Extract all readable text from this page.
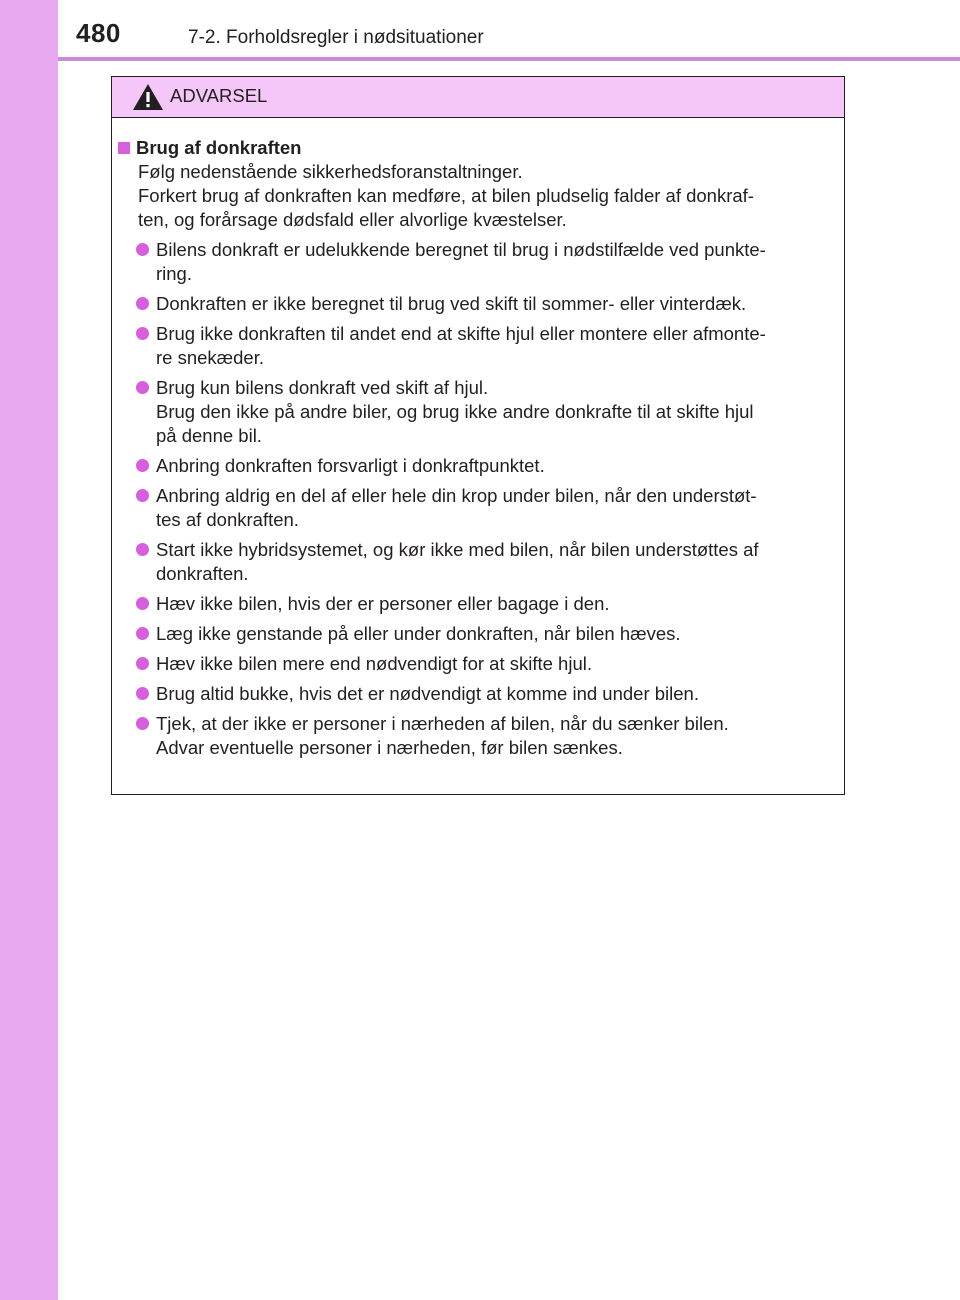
480	7-2. Forholdsregler i nødsituationer
ADVARSEL
Brug af donkraften
Følg nedenstående sikkerhedsforanstaltninger.
Forkert brug af donkraften kan medføre, at bilen pludselig falder af donkraf-
ten, og forårsage dødsfald eller alvorlige kvæstelser.
Bilens donkraft er udelukkende beregnet til brug i nødstilfælde ved punkte-
ring.
Donkraften er ikke beregnet til brug ved skift til sommer- eller vinterdæk.
Brug ikke donkraften til andet end at skifte hjul eller montere eller afmonte-
re snekæder.
Brug kun bilens donkraft ved skift af hjul.
Brug den ikke på andre biler, og brug ikke andre donkrafte til at skifte hjul
på denne bil.
Anbring donkraften forsvarligt i donkraftpunktet.
Anbring aldrig en del af eller hele din krop under bilen, når den understøt-
tes af donkraften.
Start ikke hybridsystemet, og kør ikke med bilen, når bilen understøttes af
donkraften.
Hæv ikke bilen, hvis der er personer eller bagage i den.
Læg ikke genstande på eller under donkraften, når bilen hæves.
Hæv ikke bilen mere end nødvendigt for at skifte hjul.
Brug altid bukke, hvis det er nødvendigt at komme ind under bilen.
Tjek, at der ikke er personer i nærheden af bilen, når du sænker bilen.
Advar eventuelle personer i nærheden, før bilen sænkes.
